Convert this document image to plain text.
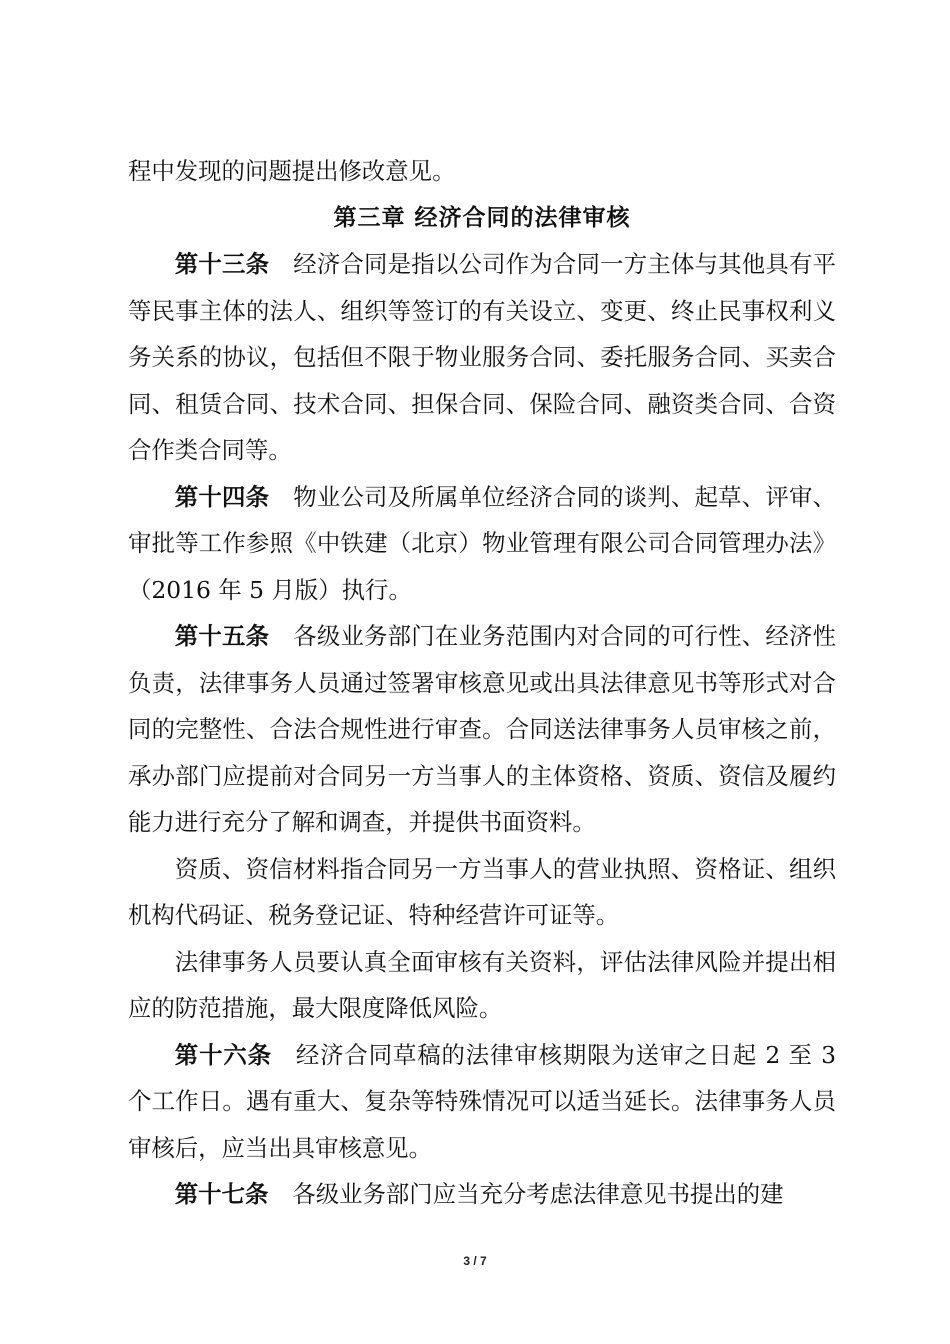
程中发现的问题提出修改意见。

第三章 经济合同的法律审核

第十三条 经济合同是指以公司作为合同一方主体与其他具有平等民事主体的法人、组织等签订的有关设立、变更、终止民事权利义务关系的协议，包括但不限于物业服务合同、委托服务合同、买卖合同、租赁合同、技术合同、担保合同、保险合同、融资类合同、合资合作类合同等。

第十四条 物业公司及所属单位经济合同的谈判、起草、评审、审批等工作参照《中铁建（北京）物业管理有限公司合同管理办法》（2016 年 5 月版）执行。

第十五条 各级业务部门在业务范围内对合同的可行性、经济性负责，法律事务人员通过签署审核意见或出具法律意见书等形式对合同的完整性、合法合规性进行审查。合同送法律事务人员审核之前，承办部门应提前对合同另一方当事人的主体资格、资质、资信及履约能力进行充分了解和调查，并提供书面资料。

资质、资信材料指合同另一方当事人的营业执照、资格证、组织机构代码证、税务登记证、特种经营许可证等。

法律事务人员要认真全面审核有关资料，评估法律风险并提出相应的防范措施，最大限度降低风险。

第十六条 经济合同草稿的法律审核期限为送审之日起 2 至 3 个工作日。遇有重大、复杂等特殊情况可以适当延长。法律事务人员审核后，应当出具审核意见。

第十七条 各级业务部门应当充分考虑法律意见书提出的建

3 / 7
